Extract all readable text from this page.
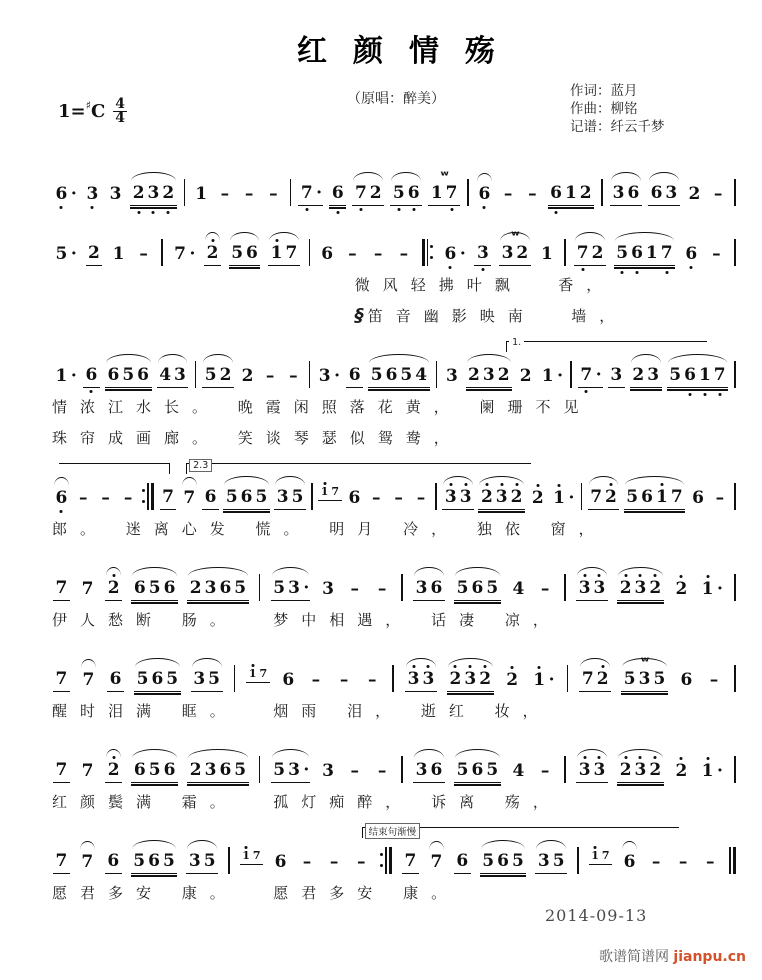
红颜情殇
1= ♯ C 4
4
（原唱：醉美）	作词：蓝月
作曲：柳铭
记谱：纤云千梦
6 · 3 3 2 3 2 1 – – – 7 · 6 7 2 5 6 1 7
w
6 – – 6 1 2 3 6 6 3 2 –
5 · 2 1 – 7 · 2 5 6 1 7 6 – – – 6 · 3 3 2
w
1 7 2 5 6 1 7 6 –
微风轻拂叶飘  香，
§ 笛音幽影映南  墙，
1.
1 · 6 6 5 6 4 3 5 2 2 – – 3 · 6 5 6 5 4 3 2 3 2 2 1 · 7 · 3 2 3 5 6 1 7
情浓江水长。 晚霞闲照落花黄， 阑珊不见
珠帘成画廊。 笑谈琴瑟似鸳鸯，
2.3
6 – – – 7 7 6 5 6 5 3 5 1 7 6 – – – 3 3 2 3 2 2 1 · 7 2 5 6 1 7 6 –
郎。 迷离心发 慌。 明月 冷， 独依 窗，
7 7 2 6 5 6 2 3 6 5 5 3 · 3 – – 3 6 5 6 5 4 – 3 3 2 3 2 2 1 ·
伊人愁断 肠。  梦中相遇， 话凄 凉，
7 7 6 5 6 5 3 5	1 7 6 – – – 3 3 2 3 2 2 1 · 7 2 5 3 5
w
6 –
醒时泪满 眶。  烟雨 泪， 逝红 妆，
7 7 2 6 5 6 2 3 6 5 5 3 · 3 – – 3 6 5 6 5 4 – 3 3 2 3 2 2 1 ·
红颜鬓满 霜。  孤灯痴醉， 诉离 殇，
结束句渐慢
7 7 6 5 6 5 3 5 1 7 6 – – – 7 7 6 5 6 5 3 5 1 7 6 – – –
愿君多安 康。  愿君多安 康。
2014-09-13
歌谱简谱网 jianpu.cn
